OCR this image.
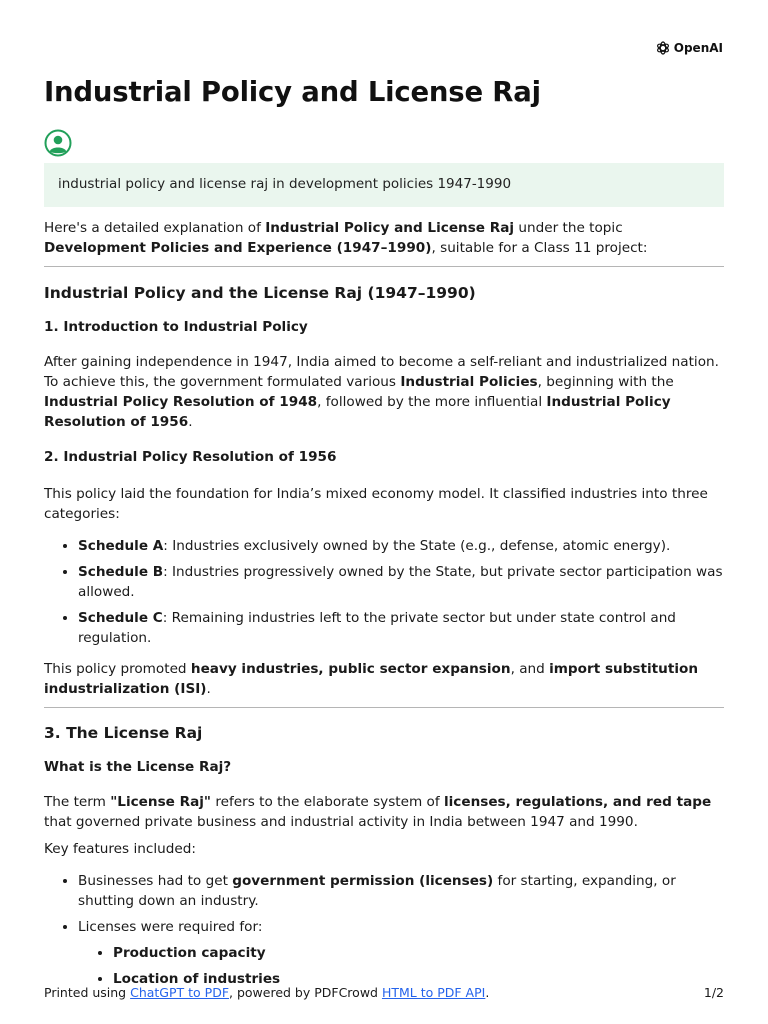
OpenAI
Industrial Policy and License Raj
industrial policy and license raj in development policies 1947-1990

Here's a detailed explanation of Industrial Policy and License Raj under the topic Development Policies and Experience (1947–1990), suitable for a Class 11 project:

Industrial Policy and the License Raj (1947–1990)
1. Introduction to Industrial Policy

After gaining independence in 1947, India aimed to become a self-reliant and industrialized nation. To achieve this, the government formulated various Industrial Policies, beginning with the Industrial Policy Resolution of 1948, followed by the more influential Industrial Policy Resolution of 1956.

2. Industrial Policy Resolution of 1956

This policy laid the foundation for India’s mixed economy model. It classified industries into three categories:

• Schedule A: Industries exclusively owned by the State (e.g., defense, atomic energy).
• Schedule B: Industries progressively owned by the State, but private sector participation was allowed.
• Schedule C: Remaining industries left to the private sector but under state control and regulation.

This policy promoted heavy industries, public sector expansion, and import substitution industrialization (ISI).

3. The License Raj
What is the License Raj?

The term "License Raj" refers to the elaborate system of licenses, regulations, and red tape that governed private business and industrial activity in India between 1947 and 1990.

Key features included:

• Businesses had to get government permission (licenses) for starting, expanding, or shutting down an industry.
• Licenses were required for:
• Production capacity
• Location of industries
Printed using ChatGPT to PDF, powered by PDFCrowd HTML to PDF API.	1/2
